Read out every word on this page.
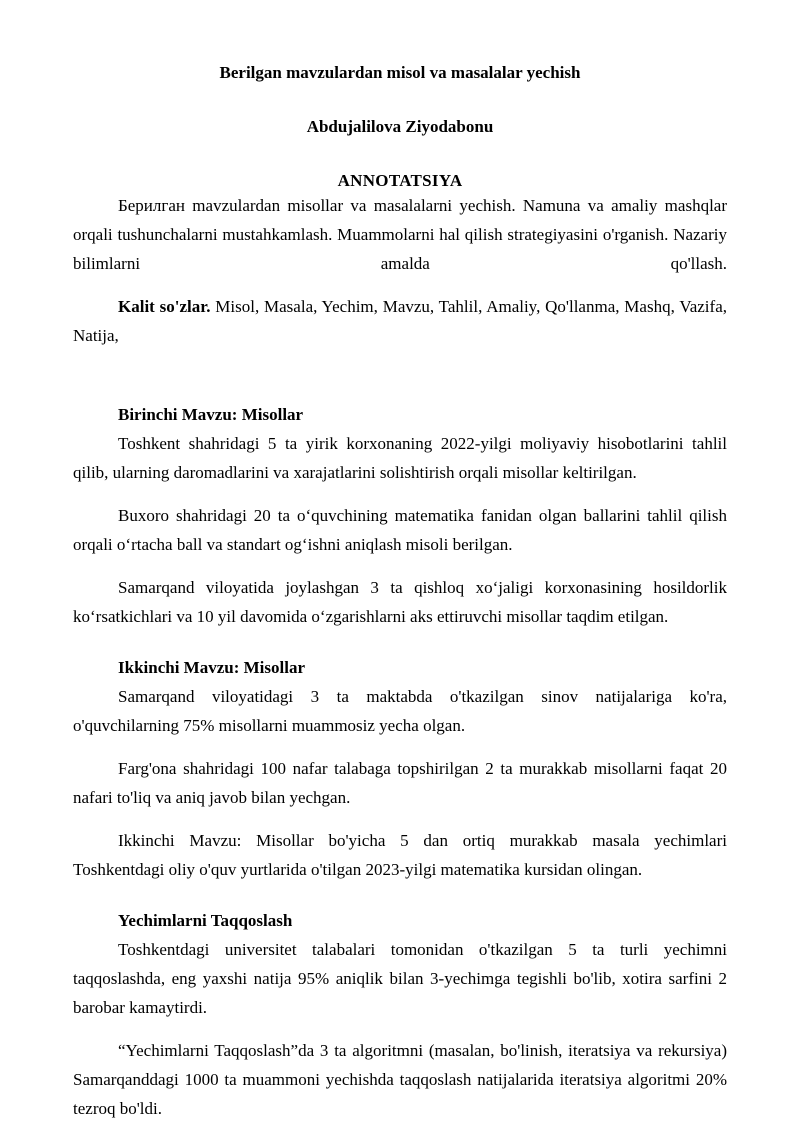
Berilgan mavzulardan misol va masalalar yechish
Abdujalilova Ziyodabonu
ANNOTATSIYA

Берилган mavzulardan misollar va masalalarni yechish. Namuna va amaliy mashqlar orqali tushunchalarni mustahkamlash. Muammolarni hal qilish strategiyasini o'rganish. Nazariy bilimlarni amalda qo'llash.

Kalit so'zlar. Misol, Masala, Yechim, Mavzu, Tahlil, Amaliy, Qo'llanma, Mashq, Vazifa, Natija,

Birinchi Mavzu: Misollar

Toshkent shahridagi 5 ta yirik korxonaning 2022-yilgi moliyaviy hisobotlarini tahlil qilib, ularning daromadlarini va xarajatlarini solishtirish orqali misollar keltirilgan.

Buxoro shahridagi 20 ta oʻquvchining matematika fanidan olgan ballarini tahlil qilish orqali oʻrtacha ball va standart ogʻishni aniqlash misoli berilgan.

Samarqand viloyatida joylashgan 3 ta qishloq xoʻjaligi korxonasining hosildorlik koʻrsatkichlari va 10 yil davomida oʻzgarishlarni aks ettiruvchi misollar taqdim etilgan.

Ikkinchi Mavzu: Misollar

Samarqand viloyatidagi 3 ta maktabda o'tkazilgan sinov natijalariga ko'ra, o'quvchilarning 75% misollarni muammosiz yecha olgan.

Farg'ona shahridagi 100 nafar talabaga topshirilgan 2 ta murakkab misollarni faqat 20 nafari to'liq va aniq javob bilan yechgan.

Ikkinchi Mavzu: Misollar bo'yicha 5 dan ortiq murakkab masala yechimlari Toshkentdagi oliy o'quv yurtlarida o'tilgan 2023-yilgi matematika kursidan olingan.

Yechimlarni Taqqoslash

Toshkentdagi universitet talabalari tomonidan o'tkazilgan 5 ta turli yechimni taqqoslashda, eng yaxshi natija 95% aniqlik bilan 3-yechimga tegishli bo'lib, xotira sarfini 2 barobar kamaytirdi.

“Yechimlarni Taqqoslash”da 3 ta algoritmni (masalan, bo'linish, iteratsiya va rekursiya) Samarqanddagi 1000 ta muammoni yechishda taqqoslash natijalarida iteratsiya algoritmi 20% tezroq bo'ldi.
